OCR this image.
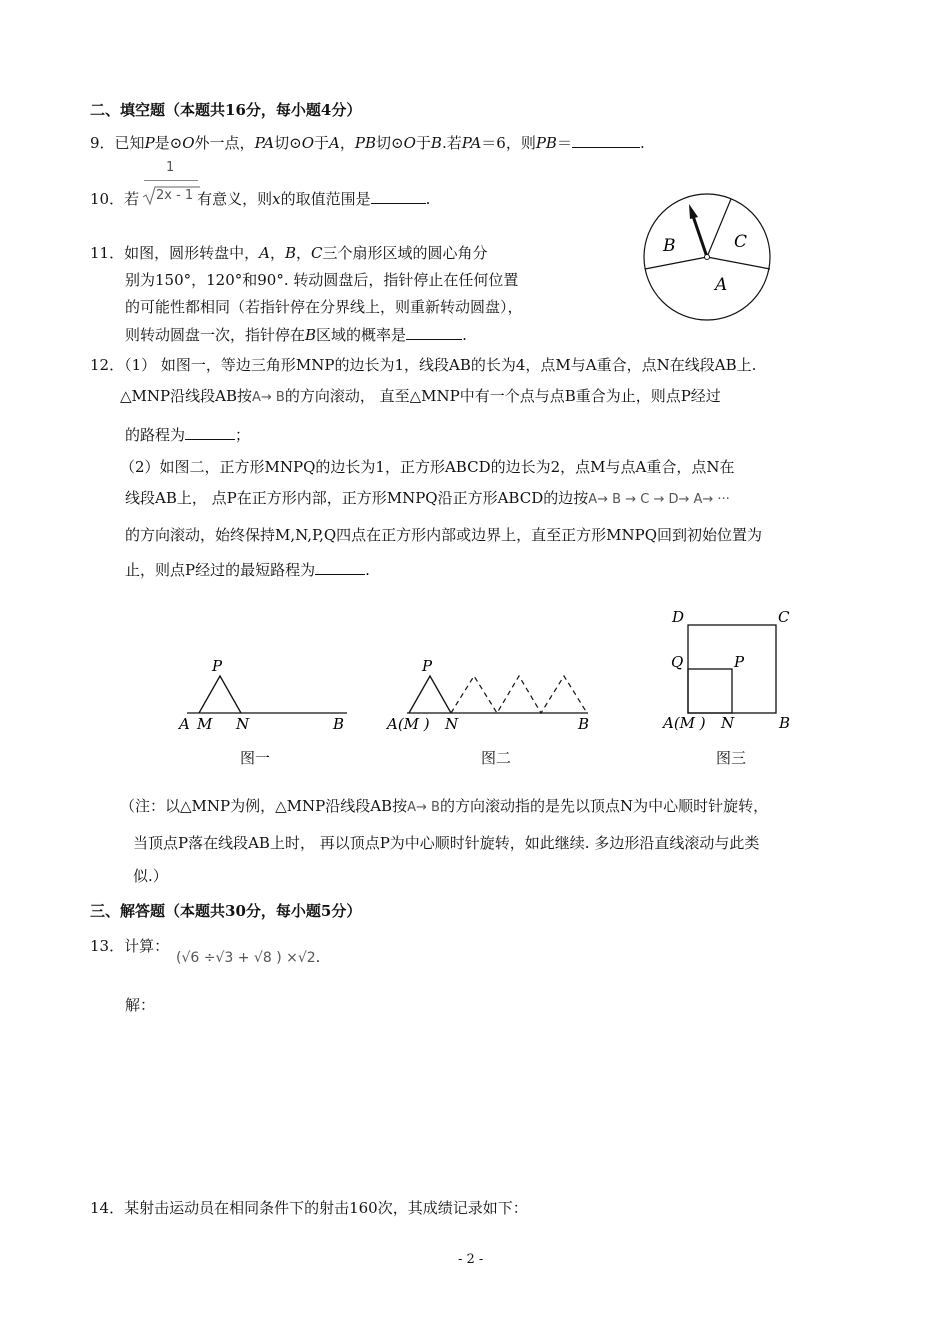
二、填空题（本题共16分，每小题4分）
9．已知P是⊙O外一点，PA切⊙O于A，PB切⊙O于B.若PA＝6，则PB＝	.
10．若	有意义，则x的取值范围是	.
1
2x - 1
11．如图，圆形转盘中，A，B，C三个扇形区域的圆心角分
别为150°，120°和90°. 转动圆盘后，指针停止在任何位置
的可能性都相同（若指针停在分界线上，则重新转动圆盘），
则转动圆盘一次，指针停在B区域的概率是	.
B	C
A
12．（1） 如图一，等边三角形MNP的边长为1，线段AB的长为4，点M与A重合，点N在线段AB上.
△MNP沿线段AB按A→ B的方向滚动， 直至△MNP中有一个点与点B重合为止，则点P经过
的路程为	；
（2）如图二，正方形MNPQ的边长为1，正方形ABCD的边长为2，点M与点A重合，点N在
线段AB上， 点P在正方形内部，正方形MNPQ沿正方形ABCD的边按A→ B → C → D→ A→ ···
的方向滚动，始终保持M,N,P,Q四点在正方形内部或边界上，直至正方形MNPQ回到初始位置为
止，则点P经过的最短路程为	.
P
A M N	B
图一
P
A(M ) N	B
图二
D	C
Q	P
A(M ) N	B
图三
（注：以△MNP为例，△MNP沿线段AB按A→ B的方向滚动指的是先以顶点N为中心顺时针旋转，
当顶点P落在线段AB上时， 再以顶点P为中心顺时针旋转，如此继续. 多边形沿直线滚动与此类
似.）
三、解答题（本题共30分，每小题5分）
13．计算：
(√6 ÷√3 + √8 ) ×√2.
解：
14．某射击运动员在相同条件下的射击160次，其成绩记录如下：
- 2 -
